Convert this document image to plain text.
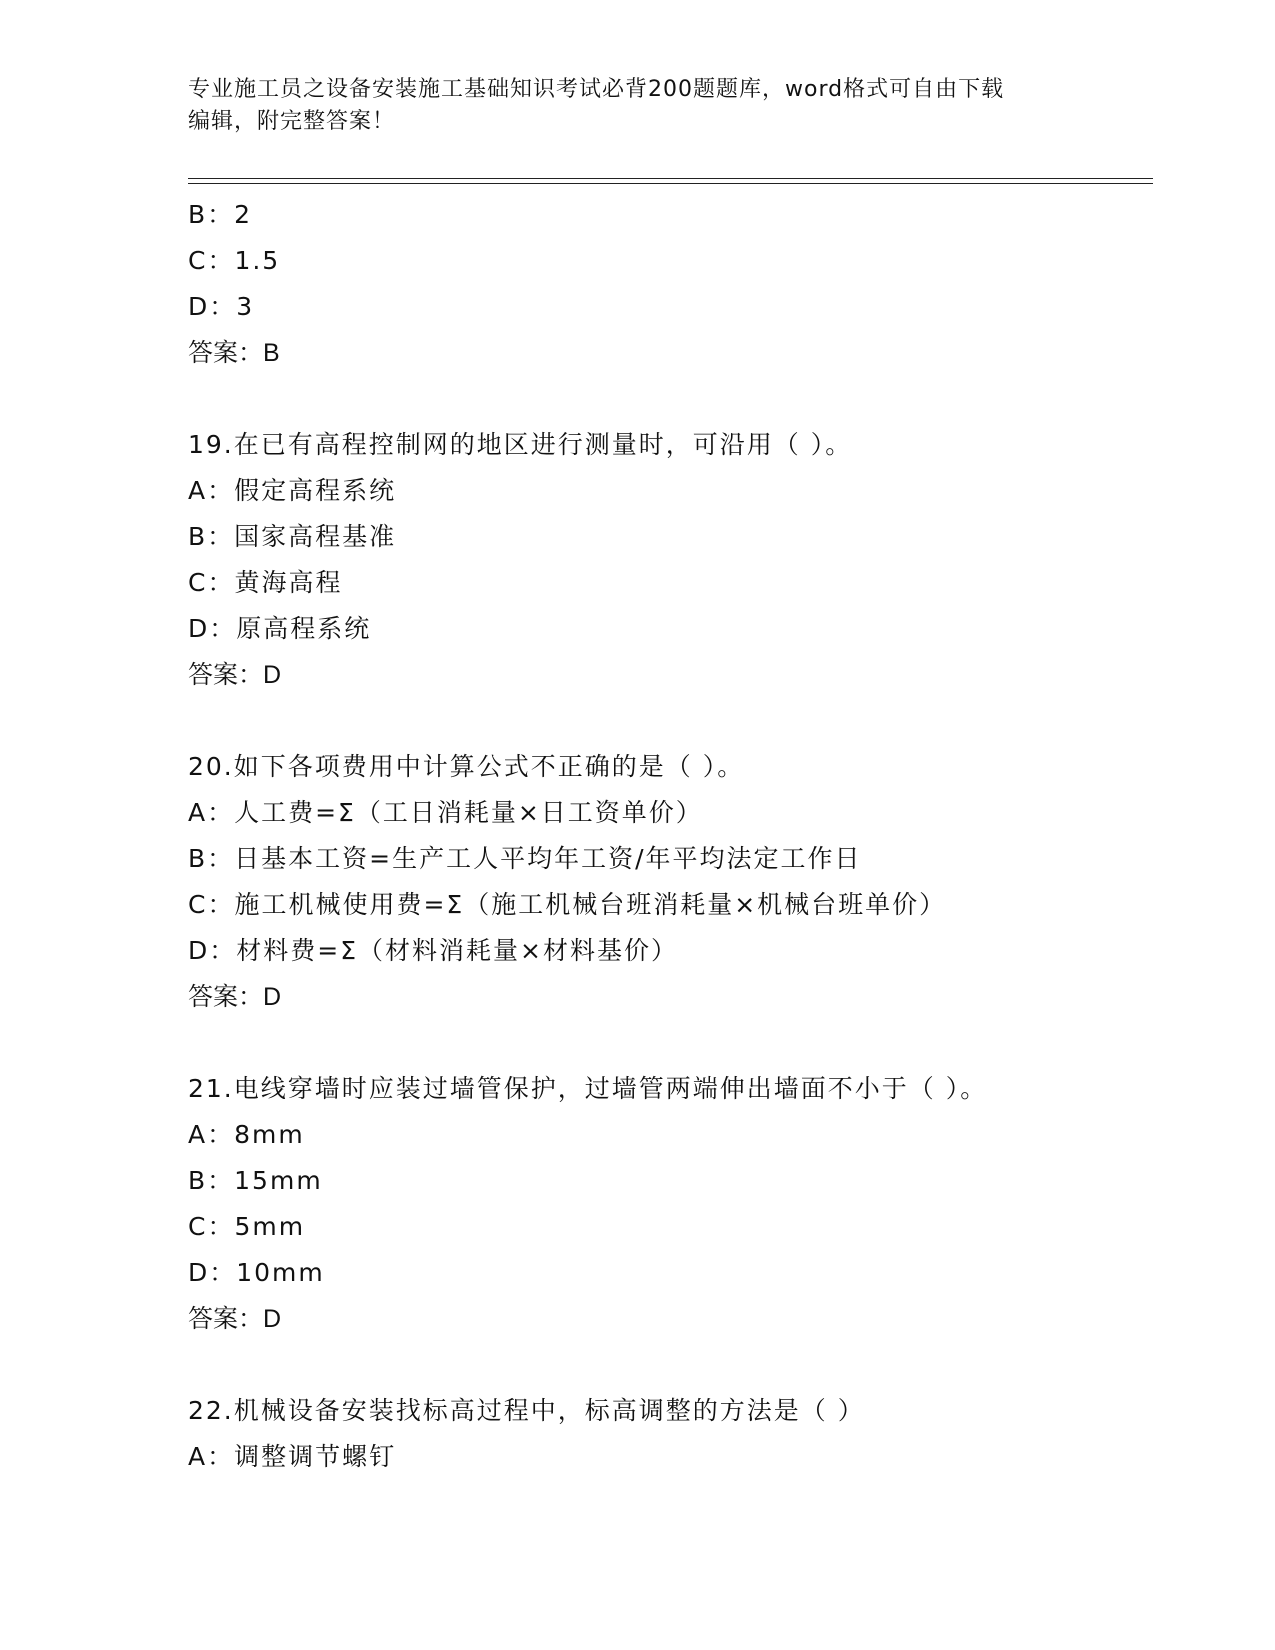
专业施工员之设备安装施工基础知识考试必背200题题库，word格式可自由下载
编辑，附完整答案！
B：2
C：1.5
D：3
答案：B
19.在已有高程控制网的地区进行测量时，可沿用（ ）。
A：假定高程系统
B：国家高程基准
C：黄海高程
D：原高程系统
答案：D
20.如下各项费用中计算公式不正确的是（ ）。
A：人工费=Σ（工日消耗量×日工资单价）
B：日基本工资=生产工人平均年工资/年平均法定工作日
C：施工机械使用费=Σ（施工机械台班消耗量×机械台班单价）
D：材料费=Σ（材料消耗量×材料基价）
答案：D
21.电线穿墙时应装过墙管保护，过墙管两端伸出墙面不小于（ ）。
A：8mm
B：15mm
C：5mm
D：10mm
答案：D
22.机械设备安装找标高过程中，标高调整的方法是（ ）
A：调整调节螺钉
